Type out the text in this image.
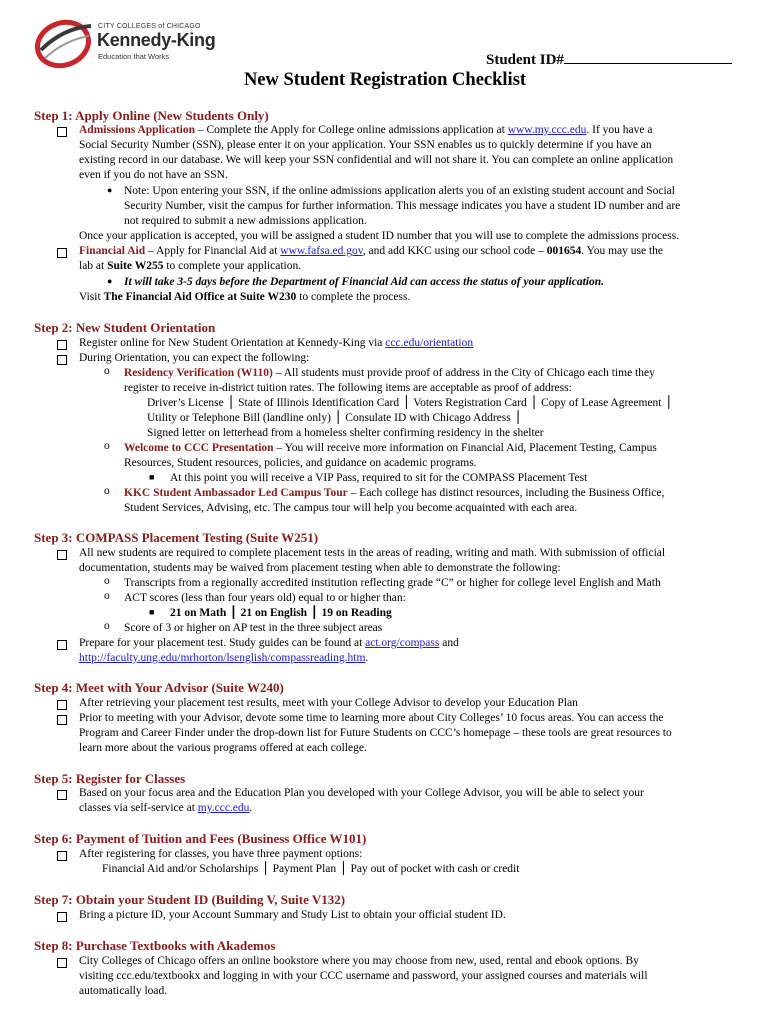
CITY COLLEGES of CHICAGO
Kennedy-King
Education that Works	Student ID#
New Student Registration Checklist
Step 1: Apply Online (New Students Only)
Admissions Application – Complete the Apply for College online admissions application at www.my.ccc.edu. If you have a
Social Security Number (SSN), please enter it on your application. Your SSN enables us to quickly determine if you have an
existing record in our database. We will keep your SSN confidential and will not share it. You can complete an online application
even if you do not have an SSN.
● Note: Upon entering your SSN, if the online admissions application alerts you of an existing student account and Social
Security Number, visit the campus for further information. This message indicates you have a student ID number and are
not required to submit a new admissions application.
Once your application is accepted, you will be assigned a student ID number that you will use to complete the admissions process.
Financial Aid – Apply for Financial Aid at www.fafsa.ed.gov, and add KKC using our school code – 001654. You may use the
lab at Suite W255 to complete your application.
● It will take 3-5 days before the Department of Financial Aid can access the status of your application.
Visit The Financial Aid Office at Suite W230 to complete the process.
Step 2: New Student Orientation
Register online for New Student Orientation at Kennedy-King via ccc.edu/orientation
During Orientation, you can expect the following:
o Residency Verification (W110) – All students must provide proof of address in the City of Chicago each time they
register to receive in-district tuition rates. The following items are acceptable as proof of address:
Driver’s License ⎪ State of Illinois Identification Card ⎪ Voters Registration Card ⎪ Copy of Lease Agreement ⎪
Utility or Telephone Bill (landline only) ⎪ Consulate ID with Chicago Address ⎪
Signed letter on letterhead from a homeless shelter confirming residency in the shelter
o Welcome to CCC Presentation – You will receive more information on Financial Aid, Placement Testing, Campus
Resources, Student resources, policies, and guidance on academic programs.
■ At this point you will receive a VIP Pass, required to sit for the COMPASS Placement Test
o KKC Student Ambassador Led Campus Tour – Each college has distinct resources, including the Business Office,
Student Services, Advising, etc. The campus tour will help you become acquainted with each area.
Step 3: COMPASS Placement Testing (Suite W251)
All new students are required to complete placement tests in the areas of reading, writing and math. With submission of official
documentation, students may be waived from placement testing when able to demonstrate the following:
o Transcripts from a regionally accredited institution reflecting grade “C” or higher for college level English and Math
o ACT scores (less than four years old) equal to or higher than:
■ 21 on Math ⎪ 21 on English ⎪ 19 on Reading
o Score of 3 or higher on AP test in the three subject areas
Prepare for your placement test. Study guides can be found at act.org/compass and
http://faculty.ung.edu/mrhorton/lsenglish/compassreading.htm.
Step 4: Meet with Your Advisor (Suite W240)
After retrieving your placement test results, meet with your College Advisor to develop your Education Plan
Prior to meeting with your Advisor, devote some time to learning more about City Colleges’ 10 focus areas. You can access the
Program and Career Finder under the drop-down list for Future Students on CCC’s homepage – these tools are great resources to
learn more about the various programs offered at each college.
Step 5: Register for Classes
Based on your focus area and the Education Plan you developed with your College Advisor, you will be able to select your
classes via self-service at my.ccc.edu.
Step 6: Payment of Tuition and Fees (Business Office W101)
After registering for classes, you have three payment options:
Financial Aid and/or Scholarships ⎪ Payment Plan ⎪ Pay out of pocket with cash or credit
Step 7: Obtain your Student ID (Building V, Suite V132)
Bring a picture ID, your Account Summary and Study List to obtain your official student ID.
Step 8: Purchase Textbooks with Akademos
City Colleges of Chicago offers an online bookstore where you may choose from new, used, rental and ebook options. By
visiting ccc.edu/textbookx and logging in with your CCC username and password, your assigned courses and materials will
automatically load.
